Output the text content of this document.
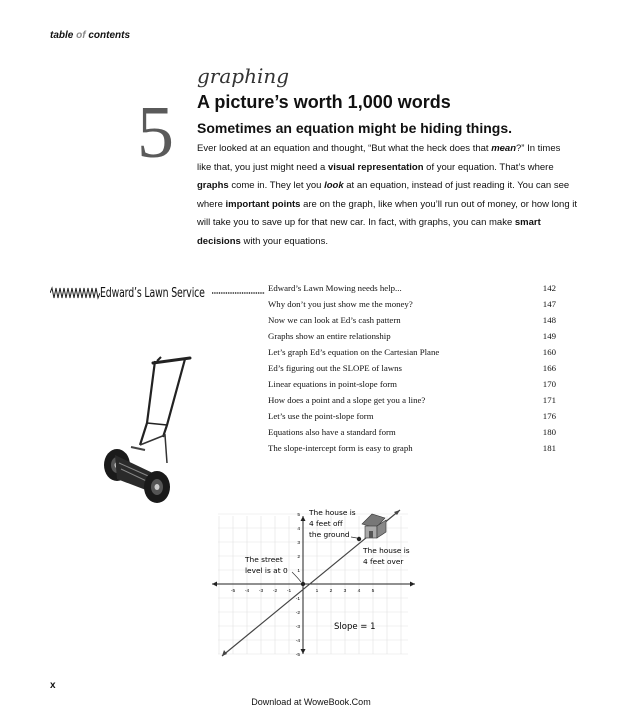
table of contents
5
graphing
A picture’s worth 1,000 words
Sometimes an equation might be hiding things.

Ever looked at an equation and thought, “But what the heck does that mean?” In times like that, you just might need a visual representation of your equation. That’s where graphs come in. They let you look at an equation, instead of just reading it. You can see where important points are on the graph, like when you’ll run out of money, or how long it will take you to save up for that new car. In fact, with graphs, you can make smart decisions with your equations.

Edward’s Lawn Service	Edward’s Lawn Mowing needs help...	142
Why don’t you just show me the money?	147
Now we can look at Ed’s cash pattern	148
Graphs show an entire relationship	149
Let’s graph Ed’s equation on the Cartesian Plane	160
Ed’s figuring out the SLOPE of lawns	166
Linear equations in point-slope form	170
How does a point and a slope get you a line?	171
Let’s use the point-slope form	176
Equations also have a standard form	180
The slope-intercept form is easy to graph	181
-5 -4 -3 -2 -1	1 2 3 4 5
5
4
3
2
1
-1
-2
-3
-4
-5
The house is
4 feet off
the ground
The house is
4 feet over
The street
level is at 0
Slope = 1
x
Download at WoweBook.Com
